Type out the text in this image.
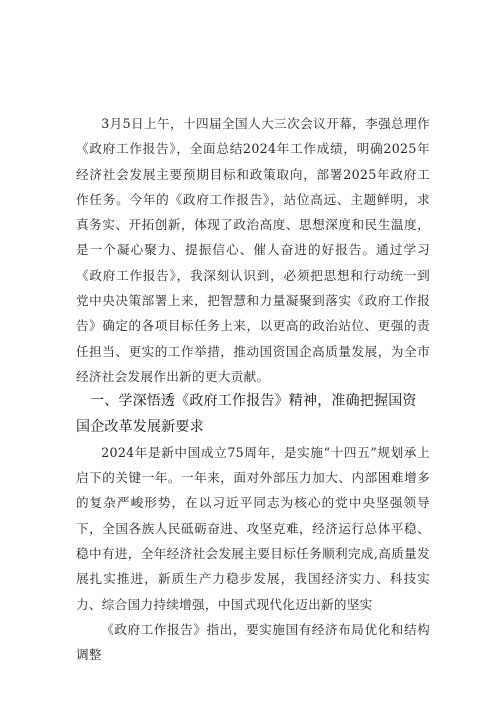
3月5日上午，十四届全国人大三次会议开幕，李强总理作《政府工作报告》，全面总结2024年工作成绩，明确2025年经济社会发展主要预期目标和政策取向，部署2025年政府工作任务。今年的《政府工作报告》，站位高远、主题鲜明，求真务实、开拓创新，体现了政治高度、思想深度和民生温度，是一个凝心聚力、提振信心、催人奋进的好报告。通过学习《政府工作报告》，我深刻认识到，必须把思想和行动统一到党中央决策部署上来，把智慧和力量凝聚到落实《政府工作报告》确定的各项目标任务上来，以更高的政治站位、更强的责任担当、更实的工作举措，推动国资国企高质量发展，为全市经济社会发展作出新的更大贡献。

一、学深悟透《政府工作报告》精神，准确把握国资国企改革发展新要求

2024年是新中国成立75周年，是实施“十四五”规划承上启下的关键一年。一年来，面对外部压力加大、内部困难增多的复杂严峻形势，在以习近平同志为核心的党中央坚强领导下，全国各族人民砥砺奋进、攻坚克难，经济运行总体平稳、稳中有进，全年经济社会发展主要目标任务顺利完成,高质量发展扎实推进，新质生产力稳步发展，我国经济实力、科技实力、综合国力持续增强，中国式现代化迈出新的坚实

《政府工作报告》指出，要实施国有经济布局优化和结构调整
